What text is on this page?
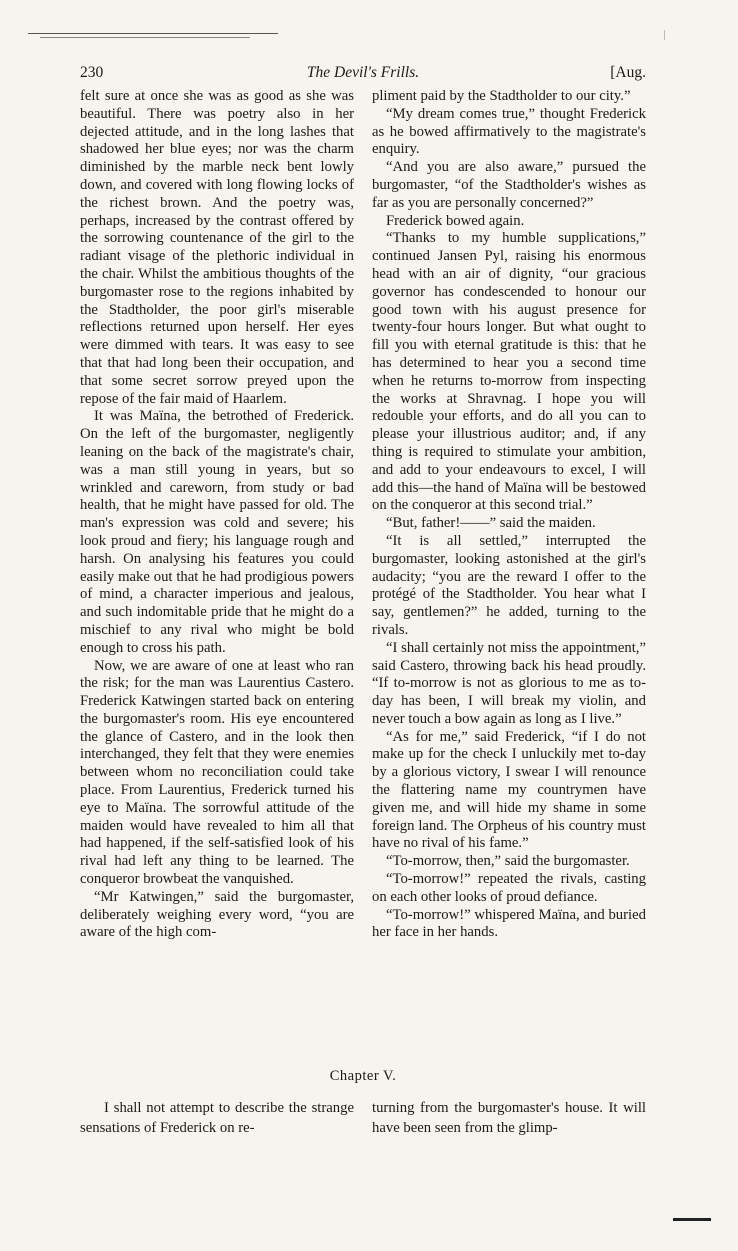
230	The Devil's Frills.	[Aug.

felt sure at once she was as good as she was beautiful. There was poetry also in her dejected attitude, and in the long lashes that shadowed her blue eyes; nor was the charm diminished by the marble neck bent lowly down, and covered with long flowing locks of the richest brown. And the poetry was, perhaps, increased by the contrast offered by the sorrowing countenance of the girl to the radiant visage of the plethoric individual in the chair. Whilst the ambitious thoughts of the burgomaster rose to the regions inhabited by the Stadtholder, the poor girl's miserable reflections returned upon herself. Her eyes were dimmed with tears. It was easy to see that that had long been their occupation, and that some secret sorrow preyed upon the repose of the fair maid of Haarlem.

It was Maïna, the betrothed of Frederick. On the left of the burgomaster, negligently leaning on the back of the magistrate's chair, was a man still young in years, but so wrinkled and careworn, from study or bad health, that he might have passed for old. The man's expression was cold and severe; his look proud and fiery; his language rough and harsh. On analysing his features you could easily make out that he had prodigious powers of mind, a character imperious and jealous, and such indomitable pride that he might do a mischief to any rival who might be bold enough to cross his path.

Now, we are aware of one at least who ran the risk; for the man was Laurentius Castero. Frederick Katwingen started back on entering the burgomaster's room. His eye encountered the glance of Castero, and in the look then interchanged, they felt that they were enemies between whom no reconciliation could take place. From Laurentius, Frederick turned his eye to Maïna. The sorrowful attitude of the maiden would have revealed to him all that had happened, if the self-satisfied look of his rival had left any thing to be learned. The conqueror browbeat the vanquished.

“Mr Katwingen,” said the burgomaster, deliberately weighing every word, “you are aware of the high com-

pliment paid by the Stadtholder to our city.”

“My dream comes true,” thought Frederick as he bowed affirmatively to the magistrate's enquiry.

“And you are also aware,” pursued the burgomaster, “of the Stadtholder's wishes as far as you are personally concerned?”

Frederick bowed again.

“Thanks to my humble supplications,” continued Jansen Pyl, raising his enormous head with an air of dignity, “our gracious governor has condescended to honour our good town with his august presence for twenty-four hours longer. But what ought to fill you with eternal gratitude is this: that he has determined to hear you a second time when he returns to-morrow from inspecting the works at Shravnag. I hope you will redouble your efforts, and do all you can to please your illustrious auditor; and, if any thing is required to stimulate your ambition, and add to your endeavours to excel, I will add this—the hand of Maïna will be bestowed on the conqueror at this second trial.”

“But, father!——” said the maiden.

“It is all settled,” interrupted the burgomaster, looking astonished at the girl's audacity; “you are the reward I offer to the protégé of the Stadtholder. You hear what I say, gentlemen?” he added, turning to the rivals.

“I shall certainly not miss the appointment,” said Castero, throwing back his head proudly. “If to-morrow is not as glorious to me as to-day has been, I will break my violin, and never touch a bow again as long as I live.”

“As for me,” said Frederick, “if I do not make up for the check I unluckily met to-day by a glorious victory, I swear I will renounce the flattering name my countrymen have given me, and will hide my shame in some foreign land. The Orpheus of his country must have no rival of his fame.”

“To-morrow, then,” said the burgomaster.

“To-morrow!” repeated the rivals, casting on each other looks of proud defiance.

“To-morrow!” whispered Maïna, and buried her face in her hands.

Chapter V.

I shall not attempt to describe the strange sensations of Frederick on re-

turning from the burgomaster's house. It will have been seen from the glimp-
